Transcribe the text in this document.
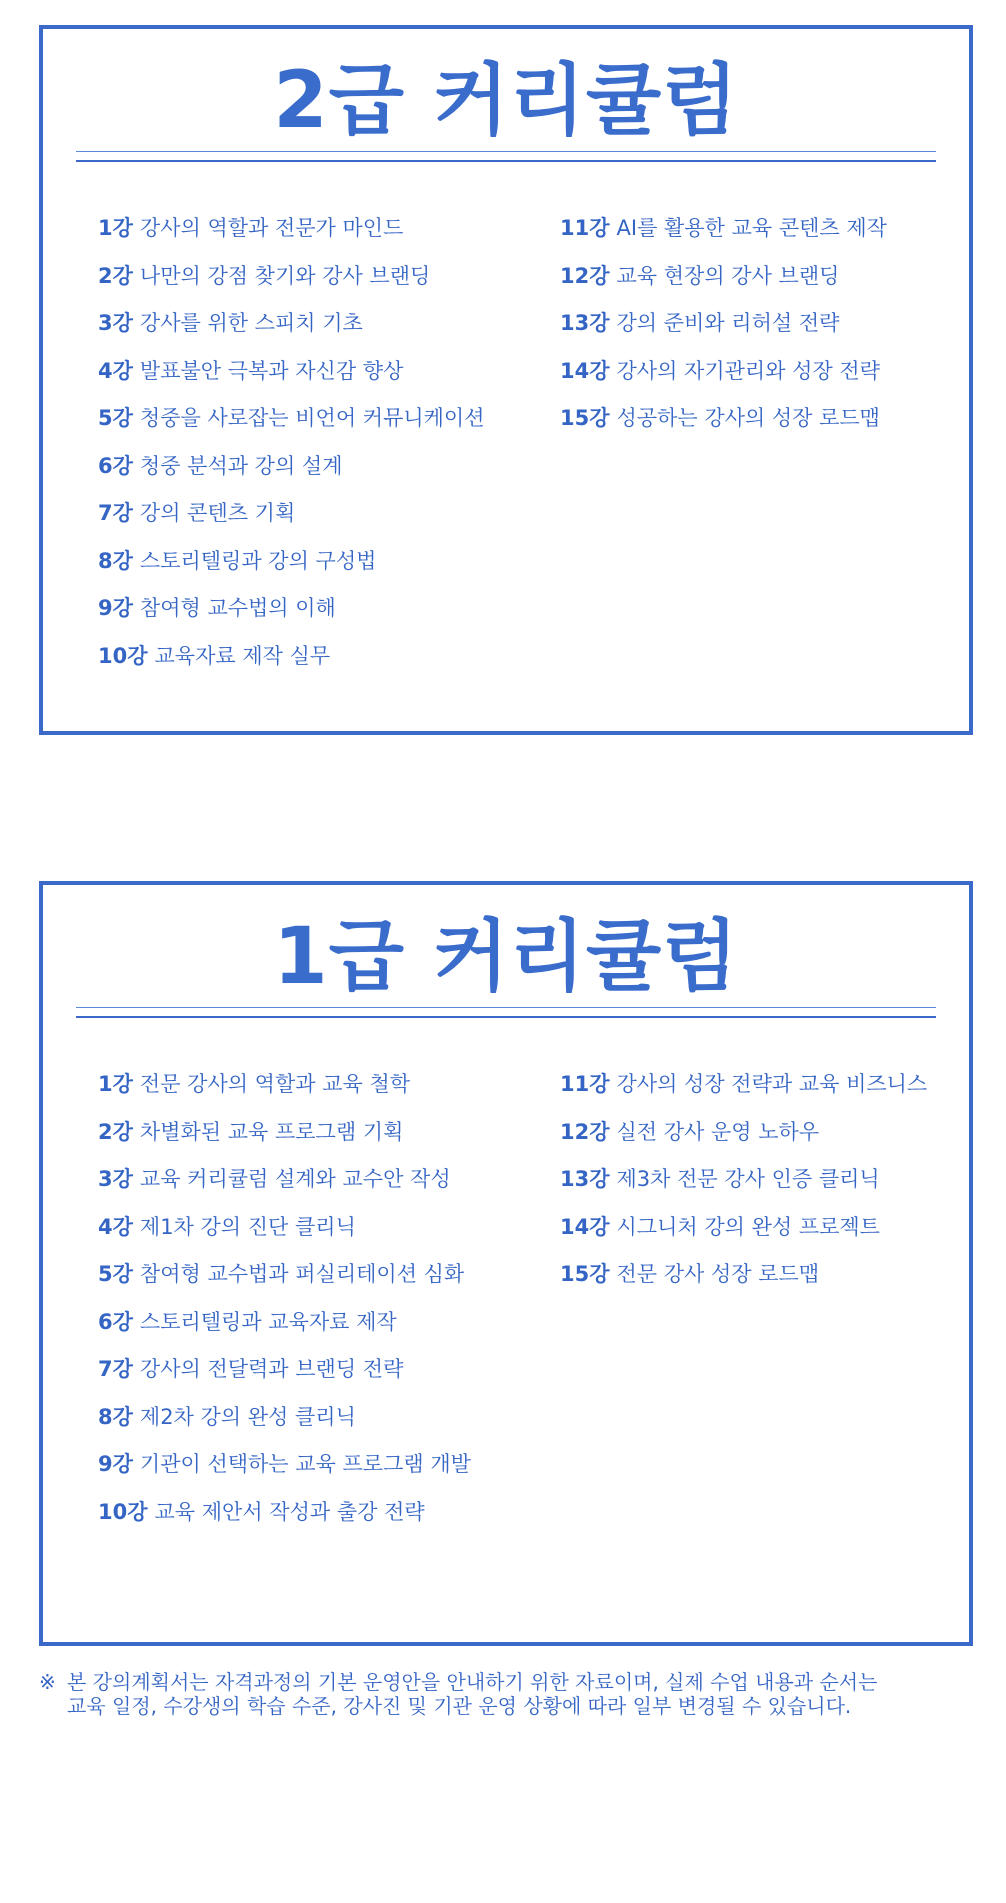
2급 커리큘럼
1강 강사의 역할과 전문가 마인드
2강 나만의 강점 찾기와 강사 브랜딩
3강 강사를 위한 스피치 기초
4강 발표불안 극복과 자신감 향상
5강 청중을 사로잡는 비언어 커뮤니케이션
6강 청중 분석과 강의 설계
7강 강의 콘텐츠 기획
8강 스토리텔링과 강의 구성법
9강 참여형 교수법의 이해
10강 교육자료 제작 실무
11강 AI를 활용한 교육 콘텐츠 제작
12강 교육 현장의 강사 브랜딩
13강 강의 준비와 리허설 전략
14강 강사의 자기관리와 성장 전략
15강 성공하는 강사의 성장 로드맵
1급 커리큘럼
1강 전문 강사의 역할과 교육 철학
2강 차별화된 교육 프로그램 기획
3강 교육 커리큘럼 설계와 교수안 작성
4강 제1차 강의 진단 클리닉
5강 참여형 교수법과 퍼실리테이션 심화
6강 스토리텔링과 교육자료 제작
7강 강사의 전달력과 브랜딩 전략
8강 제2차 강의 완성 클리닉
9강 기관이 선택하는 교육 프로그램 개발
10강 교육 제안서 작성과 출강 전략
11강 강사의 성장 전략과 교육 비즈니스
12강 실전 강사 운영 노하우
13강 제3차 전문 강사 인증 클리닉
14강 시그니처 강의 완성 프로젝트
15강 전문 강사 성장 로드맵
※ 본 강의계획서는 자격과정의 기본 운영안을 안내하기 위한 자료이며, 실제 수업 내용과 순서는
교육 일정, 수강생의 학습 수준, 강사진 및 기관 운영 상황에 따라 일부 변경될 수 있습니다.
